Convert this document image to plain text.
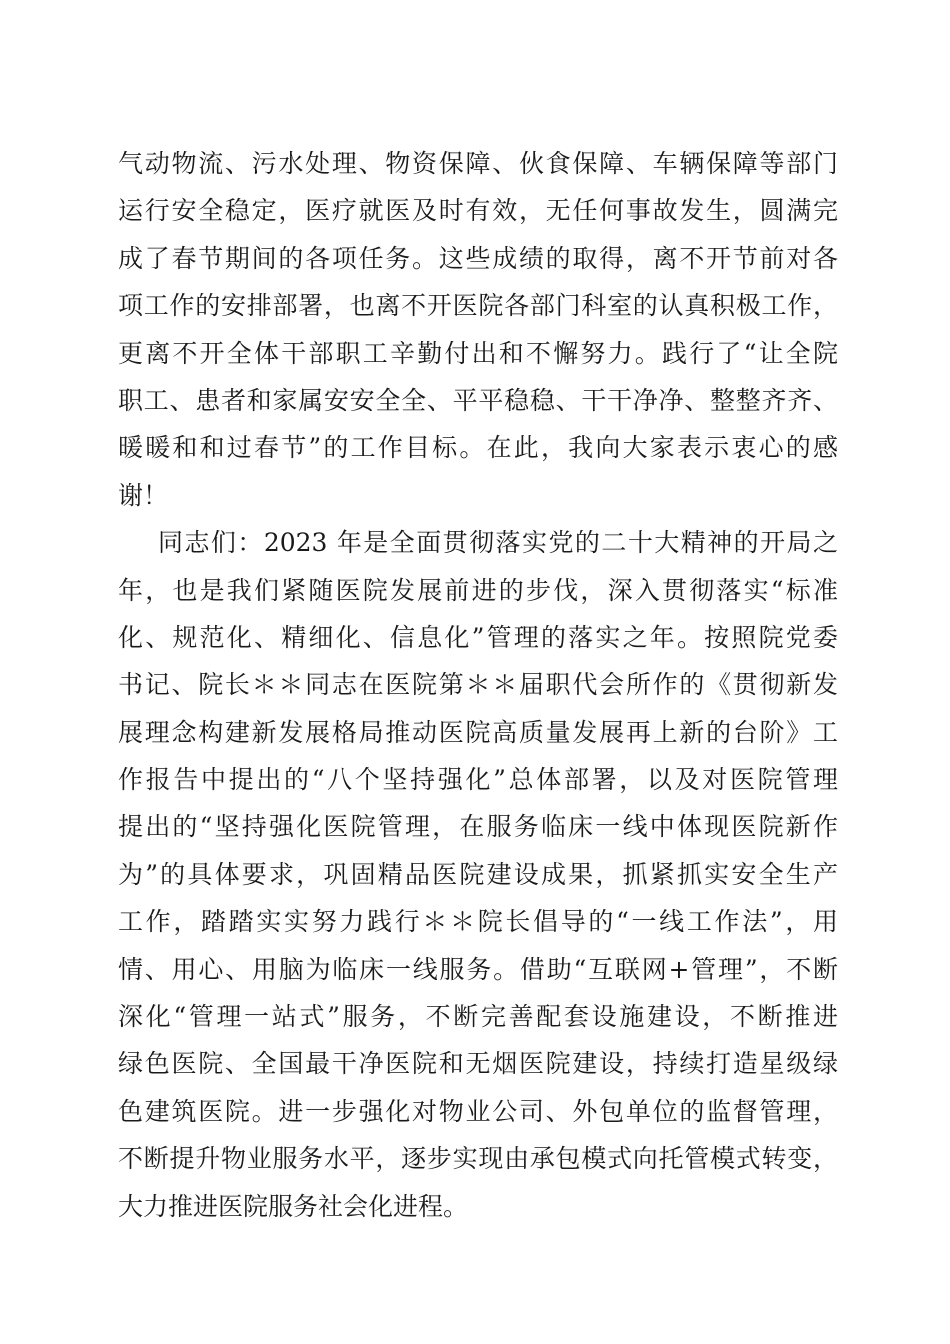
气动物流、污水处理、物资保障、伙食保障、车辆保障等部门
运行安全稳定，医疗就医及时有效，无任何事故发生，圆满完
成了春节期间的各项任务。这些成绩的取得，离不开节前对各
项工作的安排部署，也离不开医院各部门科室的认真积极工作，
更离不开全体干部职工辛勤付出和不懈努力。践行了“让全院
职工、患者和家属安安全全、平平稳稳、干干净净、整整齐齐、
暖暖和和过春节”的工作目标。在此，我向大家表示衷心的感
谢！
同志们：2023 年是全面贯彻落实党的二十大精神的开局之
年，也是我们紧随医院发展前进的步伐，深入贯彻落实“标准
化、规范化、精细化、信息化”管理的落实之年。按照院党委
书记、院长＊＊同志在医院第＊＊届职代会所作的《贯彻新发
展理念构建新发展格局推动医院高质量发展再上新的台阶》工
作报告中提出的“八个坚持强化”总体部署，以及对医院管理
提出的“坚持强化医院管理，在服务临床一线中体现医院新作
为”的具体要求，巩固精品医院建设成果，抓紧抓实安全生产
工作，踏踏实实努力践行＊＊院长倡导的“一线工作法”，用
情、用心、用脑为临床一线服务。借助“互联网+管理”，不断
深化“管理一站式”服务，不断完善配套设施建设，不断推进
绿色医院、全国最干净医院和无烟医院建设，持续打造星级绿
色建筑医院。进一步强化对物业公司、外包单位的监督管理，
不断提升物业服务水平，逐步实现由承包模式向托管模式转变，
大力推进医院服务社会化进程。
